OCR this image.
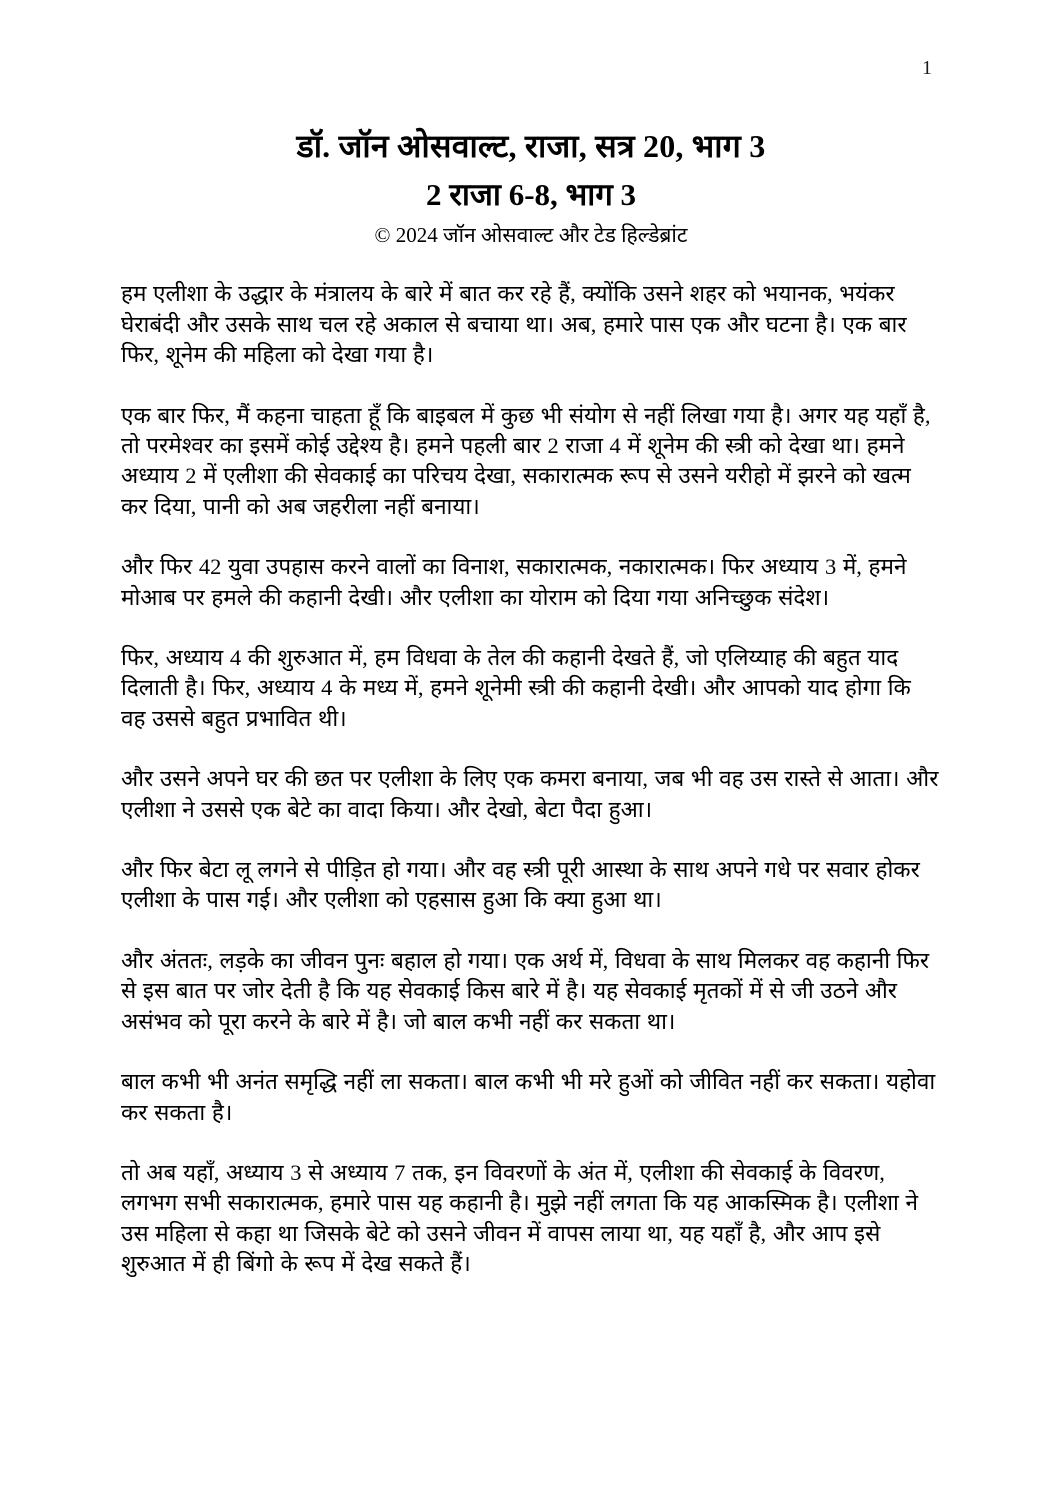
1
डॉ. जॉन ओसवाल्ट, राजा, सत्र 20, भाग 3
2 राजा 6-8, भाग 3
© 2024 जॉन ओसवाल्ट और टेड हिल्डेब्रांट

हम एलीशा के उद्धार के मंत्रालय के बारे में बात कर रहे हैं, क्योंकि उसने शहर को भयानक, भयंकर घेराबंदी और उसके साथ चल रहे अकाल से बचाया था। अब, हमारे पास एक और घटना है। एक बार फिर, शूनेम की महिला को देखा गया है।

एक बार फिर, मैं कहना चाहता हूँ कि बाइबल में कुछ भी संयोग से नहीं लिखा गया है। अगर यह यहाँ है, तो परमेश्वर का इसमें कोई उद्देश्य है। हमने पहली बार 2 राजा 4 में शूनेम की स्त्री को देखा था। हमने अध्याय 2 में एलीशा की सेवकाई का परिचय देखा, सकारात्मक रूप से उसने यरीहो में झरने को खत्म कर दिया, पानी को अब जहरीला नहीं बनाया।

और फिर 42 युवा उपहास करने वालों का विनाश, सकारात्मक, नकारात्मक। फिर अध्याय 3 में, हमने मोआब पर हमले की कहानी देखी। और एलीशा का योराम को दिया गया अनिच्छुक संदेश।

फिर, अध्याय 4 की शुरुआत में, हम विधवा के तेल की कहानी देखते हैं, जो एलिय्याह की बहुत याद दिलाती है। फिर, अध्याय 4 के मध्य में, हमने शूनेमी स्त्री की कहानी देखी। और आपको याद होगा कि वह उससे बहुत प्रभावित थी।

और उसने अपने घर की छत पर एलीशा के लिए एक कमरा बनाया, जब भी वह उस रास्ते से आता। और एलीशा ने उससे एक बेटे का वादा किया। और देखो, बेटा पैदा हुआ।

और फिर बेटा लू लगने से पीड़ित हो गया। और वह स्त्री पूरी आस्था के साथ अपने गधे पर सवार होकर एलीशा के पास गई। और एलीशा को एहसास हुआ कि क्या हुआ था।

और अंततः, लड़के का जीवन पुनः बहाल हो गया। एक अर्थ में, विधवा के साथ मिलकर वह कहानी फिर से इस बात पर जोर देती है कि यह सेवकाई किस बारे में है। यह सेवकाई मृतकों में से जी उठने और असंभव को पूरा करने के बारे में है। जो बाल कभी नहीं कर सकता था।

बाल कभी भी अनंत समृद्धि नहीं ला सकता। बाल कभी भी मरे हुओं को जीवित नहीं कर सकता। यहोवा कर सकता है।

तो अब यहाँ, अध्याय 3 से अध्याय 7 तक, इन विवरणों के अंत में, एलीशा की सेवकाई के विवरण, लगभग सभी सकारात्मक, हमारे पास यह कहानी है। मुझे नहीं लगता कि यह आकस्मिक है। एलीशा ने उस महिला से कहा था जिसके बेटे को उसने जीवन में वापस लाया था, यह यहाँ है, और आप इसे शुरुआत में ही बिंगो के रूप में देख सकते हैं।
